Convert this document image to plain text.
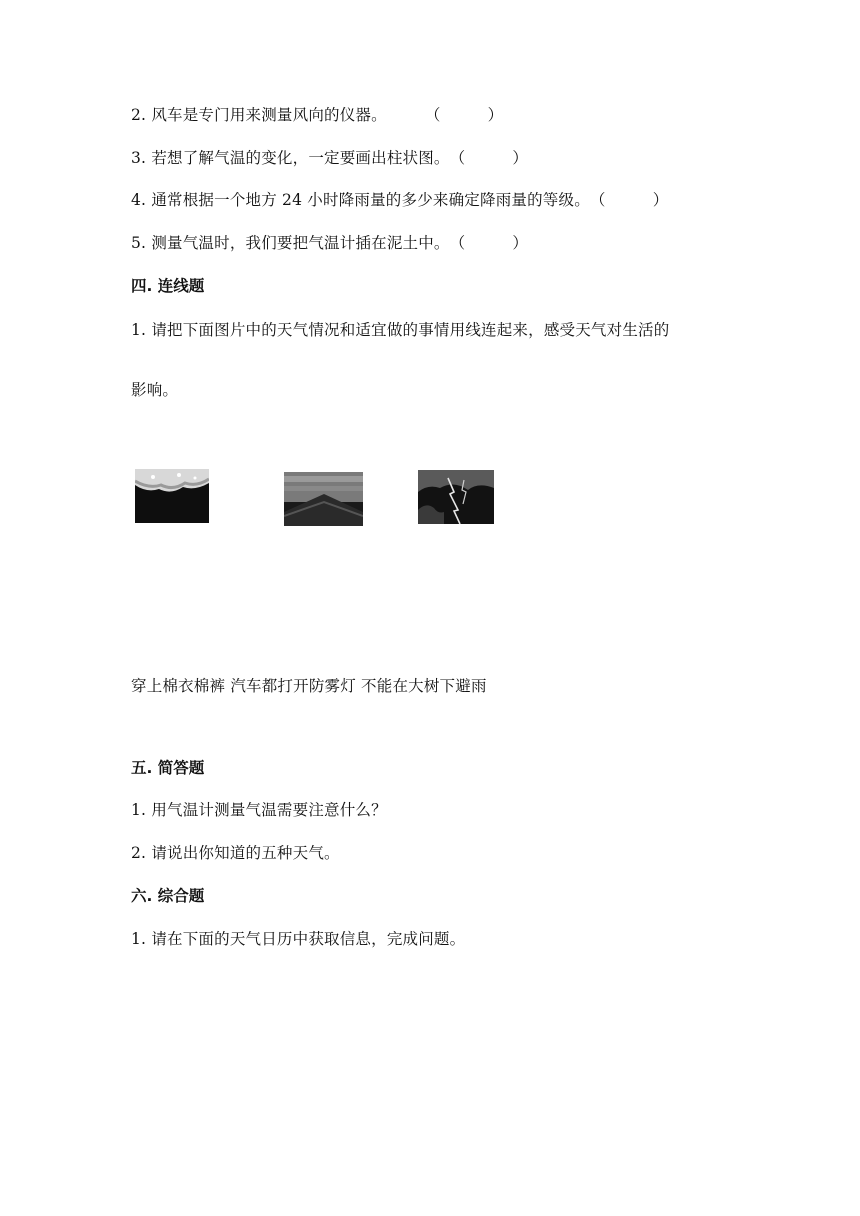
2. 风车是专门用来测量风向的仪器。 （　　　）
3. 若想了解气温的变化，一定要画出柱状图。（　　　）
4. 通常根据一个地方 24 小时降雨量的多少来确定降雨量的等级。（　　　）
5. 测量气温时，我们要把气温计插在泥土中。（　　　）
四. 连线题
1. 请把下面图片中的天气情况和适宜做的事情用线连起来，感受天气对生活的
影响。
穿上棉衣棉裤 汽车都打开防雾灯 不能在大树下避雨
五. 简答题
1. 用气温计测量气温需要注意什么？
2. 请说出你知道的五种天气。
六. 综合题
1. 请在下面的天气日历中获取信息，完成问题。
